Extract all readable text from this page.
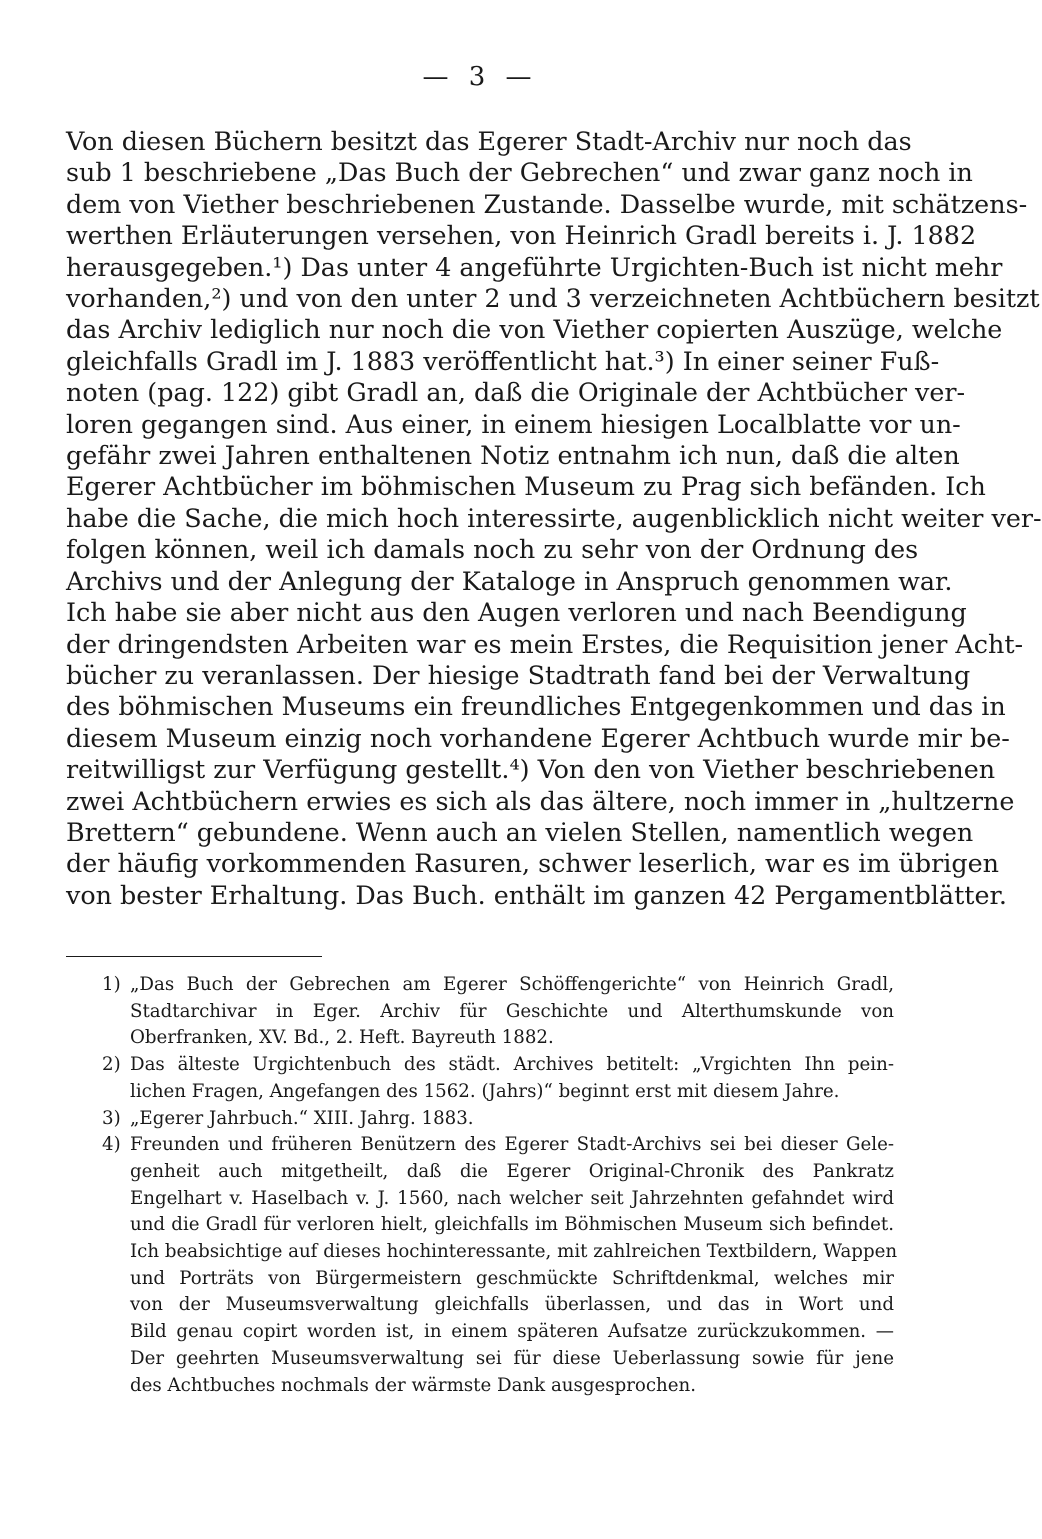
— 3 —
Von diesen Büchern besitzt das Egerer Stadt-Archiv nur noch das
sub 1 beschriebene „Das Buch der Gebrechen“ und zwar ganz noch in
dem von Viether beschriebenen Zustande. Dasselbe wurde, mit schätzens-
werthen Erläuterungen versehen, von Heinrich Gradl bereits i. J. 1882
herausgegeben.¹) Das unter 4 angeführte Urgichten-Buch ist nicht mehr
vorhanden,²) und von den unter 2 und 3 verzeichneten Achtbüchern besitzt
das Archiv lediglich nur noch die von Viether copierten Auszüge, welche
gleichfalls Gradl im J. 1883 veröffentlicht hat.³) In einer seiner Fuß-
noten (pag. 122) gibt Gradl an, daß die Originale der Achtbücher ver-
loren gegangen sind. Aus einer, in einem hiesigen Localblatte vor un-
gefähr zwei Jahren enthaltenen Notiz entnahm ich nun, daß die alten
Egerer Achtbücher im böhmischen Museum zu Prag sich befänden. Ich
habe die Sache, die mich hoch interessirte, augenblicklich nicht weiter ver-
folgen können, weil ich damals noch zu sehr von der Ordnung des
Archivs und der Anlegung der Kataloge in Anspruch genommen war.
Ich habe sie aber nicht aus den Augen verloren und nach Beendigung
der dringendsten Arbeiten war es mein Erstes, die Requisition jener Acht-
bücher zu veranlassen. Der hiesige Stadtrath fand bei der Verwaltung
des böhmischen Museums ein freundliches Entgegenkommen und das in
diesem Museum einzig noch vorhandene Egerer Achtbuch wurde mir be-
reitwilligst zur Verfügung gestellt.⁴) Von den von Viether beschriebenen
zwei Achtbüchern erwies es sich als das ältere, noch immer in „hultzerne
Brettern“ gebundene. Wenn auch an vielen Stellen, namentlich wegen
der häufig vorkommenden Rasuren, schwer leserlich, war es im übrigen
von bester Erhaltung. Das Buch. enthält im ganzen 42 Pergamentblätter.
1) „Das Buch der Gebrechen am Egerer Schöffengerichte“ von Heinrich Gradl,
Stadtarchivar in Eger. Archiv für Geschichte und Alterthumskunde von
Oberfranken, XV. Bd., 2. Heft. Bayreuth 1882.
2) Das älteste Urgichtenbuch des städt. Archives betitelt: „Vrgichten Ihn pein-
lichen Fragen, Angefangen des 1562. (Jahrs)“ beginnt erst mit diesem Jahre.
3) „Egerer Jahrbuch.“ XIII. Jahrg. 1883.
4) Freunden und früheren Benützern des Egerer Stadt-Archivs sei bei dieser Gele-
genheit auch mitgetheilt, daß die Egerer Original-Chronik des Pankratz
Engelhart v. Haselbach v. J. 1560, nach welcher seit Jahrzehnten gefahndet wird
und die Gradl für verloren hielt, gleichfalls im Böhmischen Museum sich befindet.
Ich beabsichtige auf dieses hochinteressante, mit zahlreichen Textbildern, Wappen
und Porträts von Bürgermeistern geschmückte Schriftdenkmal, welches mir
von der Museumsverwaltung gleichfalls überlassen, und das in Wort und
Bild genau copirt worden ist, in einem späteren Aufsatze zurückzukommen. —
Der geehrten Museumsverwaltung sei für diese Ueberlassung sowie für jene
des Achtbuches nochmals der wärmste Dank ausgesprochen.
